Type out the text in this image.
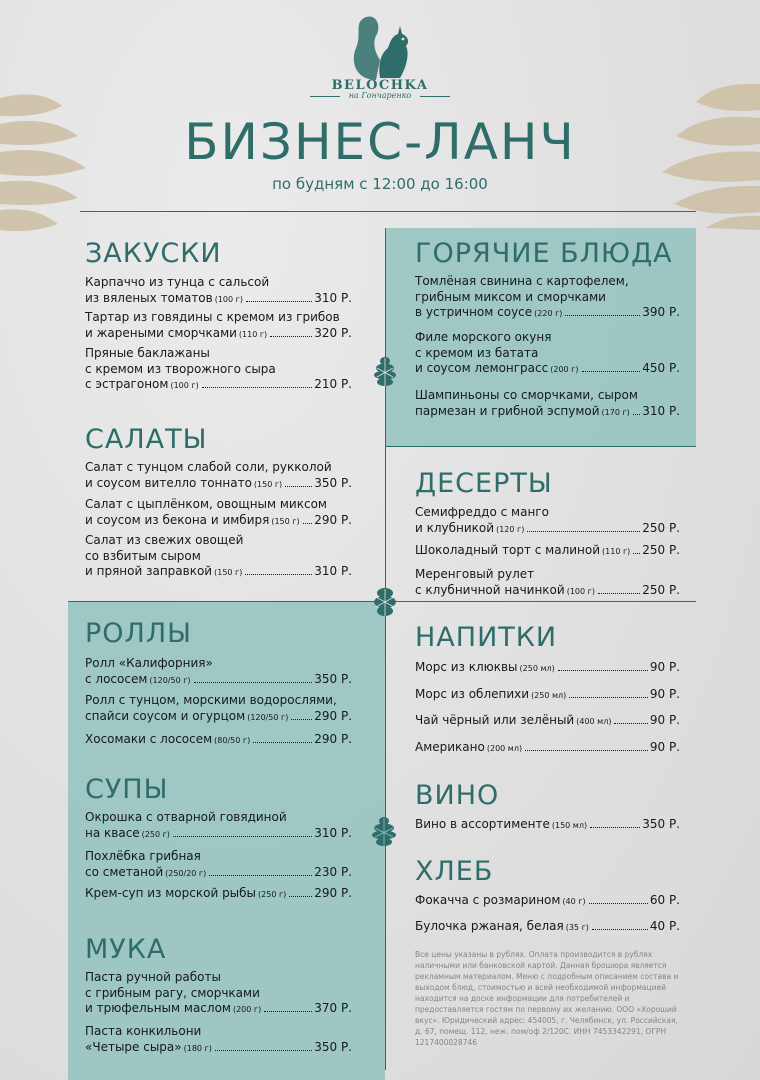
BELOCHKA
на Гончаренко
БИЗНЕС-ЛАНЧ
по будням с 12:00 до 16:00
ЗАКУСКИ
Карпаччо из тунца с сальсой
из вяленых томатов (100 г)	310 Р.
Тартар из говядины с кремом из грибов
и жареными сморчками (110 г)	320 Р.
Пряные баклажаны
с кремом из творожного сыра
с эстрагоном (100 г)	210 Р.
САЛАТЫ
Салат с тунцом слабой соли, рукколой
и соусом вителло тоннато (150 г)	350 Р.
Салат с цыплёнком, овощным миксом
и соусом из бекона и имбиря (150 г) 290 Р.
Салат из свежих овощей
со взбитым сыром
и пряной заправкой (150 г)	310 Р.
РОЛЛЫ
Ролл «Калифорния»
с лососем (120/50 г)	350 Р.
Ролл с тунцом, морскими водорослями,
спайси соусом и огурцом (120/50 г) 290 Р.
Хосомаки с лососем (80/50 г)	290 Р.
СУПЫ
Окрошка с отварной говядиной
на квасе (250 г)	310 Р.
Похлёбка грибная
со сметаной (250/20 г)	230 Р.
Крем-суп из морской рыбы (250 г) 290 Р.
МУКА
Паста ручной работы
с грибным рагу, сморчками
и трюфельным маслом (200 г)	370 Р.
Паста конкильони
«Четыре сыра» (180 г)	350 Р.
ГОРЯЧИЕ БЛЮДА
Томлёная свинина с картофелем,
грибным миксом и сморчками
в устричном соусе (220 г)	390 Р.
Филе морского окуня
с кремом из батата
и соусом лемонграсс (200 г)	450 Р.
Шампиньоны со сморчками, сыром
пармезан и грибной эспумой (170 г) 310 Р.
ДЕСЕРТЫ
Семифреддо с манго
и клубникой (120 г)	250 Р.
Шоколадный торт с малиной (110 г) 250 Р.
Меренговый рулет
с клубничной начинкой (100 г)	250 Р.
НАПИТКИ
Морс из клюквы (250 мл)	90 Р.
Морс из облепихи (250 мл)	90 Р.
Чай чёрный или зелёный (400 мл)	90 Р.
Американо (200 мл)	90 Р.
ВИНО
Вино в ассортименте (150 мл)	350 Р.
ХЛЕБ
Фокачча с розмарином (40 г)	60 Р.
Булочка ржаная, белая (35 г)	40 Р.
Все цены указаны в рублях. Оплата производится в рублях наличными или банковской картой. Данная брошюра является рекламным материалом. Меню с подробным описанием состава и выходом блюд, стоимостью и всей необходимой информацией находится на доске информации для потребителей и предоставляется гостям по первому их желанию. ООО «Хороший вкус». Юридический адрес: 454005, г. Челябинск, ул. Российская, д. 67, помещ. 112, неж. пом/оф 2/120С. ИНН 7453342291, ОГРН 1217400028746
